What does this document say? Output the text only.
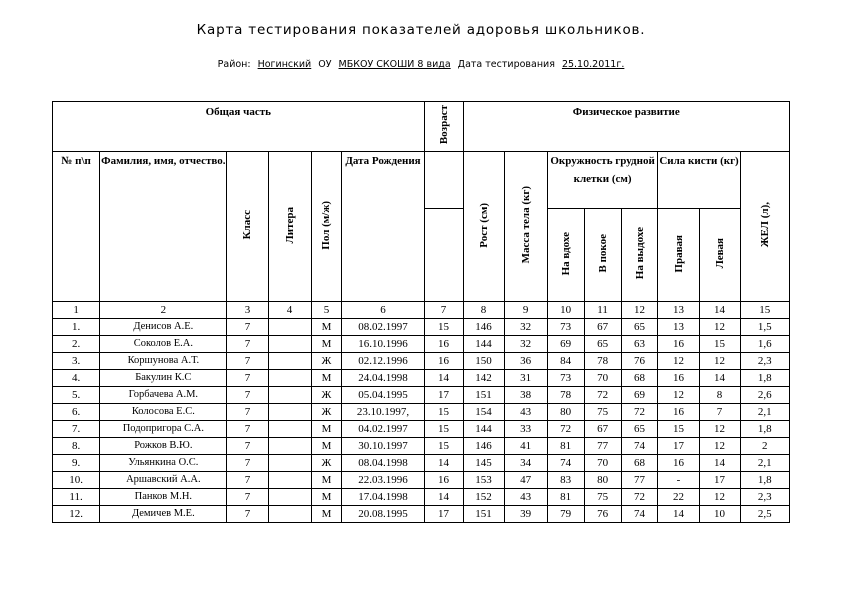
Карта тестирования показателей адоровья школьников.
Район: Ногинский ОУ МБКОУ СКОШИ 8 вида Дата тестирования 25.10.2011г.
Общая часть						Возраст	Физическое развитие							
№ п\п	Фамилия, имя, отчество.	Класс	Литера	Пол (м/ж)	Дата Рождения		Рост (см)	Масса тела (кг)	Окружность грудной клетки (см)			Сила кисти (кг)		ЖЕЛ (л),
									На вдохе	В покое	На выдохе	Правая	Левая	
1	2	3	4	5	6	7	8	9	10	11	12	13	14	15
1.	Денисов А.Е.	7		М	08.02.1997	15	146	32	73	67	65	13	12	1,5
2.	Соколов Е.А.	7		М	16.10.1996	16	144	32	69	65	63	16	15	1,6
3.	Коршунова А.Т.	7		Ж	02.12.1996	16	150	36	84	78	76	12	12	2,3
4.	Бакулин К.С	7		М	24.04.1998	14	142	31	73	70	68	16	14	1,8
5.	Горбачева А.М.	7		Ж	05.04.1995	17	151	38	78	72	69	12	8	2,6
6.	Колосова Е.С.	7		Ж	23.10.1997,	15	154	43	80	75	72	16	7	2,1
7.	Подопригора С.А.	7		М	04.02.1997	15	144	33	72	67	65	15	12	1,8
8.	Рожков В.Ю.	7		М	30.10.1997	15	146	41	81	77	74	17	12	2
9.	Ульянкина О.С.	7		Ж	08.04.1998	14	145	34	74	70	68	16	14	2,1
10.	Аршавский А.А.	7		М	22.03.1996	16	153	47	83	80	77	-	17	1,8
11.	Панков М.Н.	7		М	17.04.1998	14	152	43	81	75	72	22	12	2,3
12.	Демичев М.Е.	7		М	20.08.1995	17	151	39	79	76	74	14	10	2,5
